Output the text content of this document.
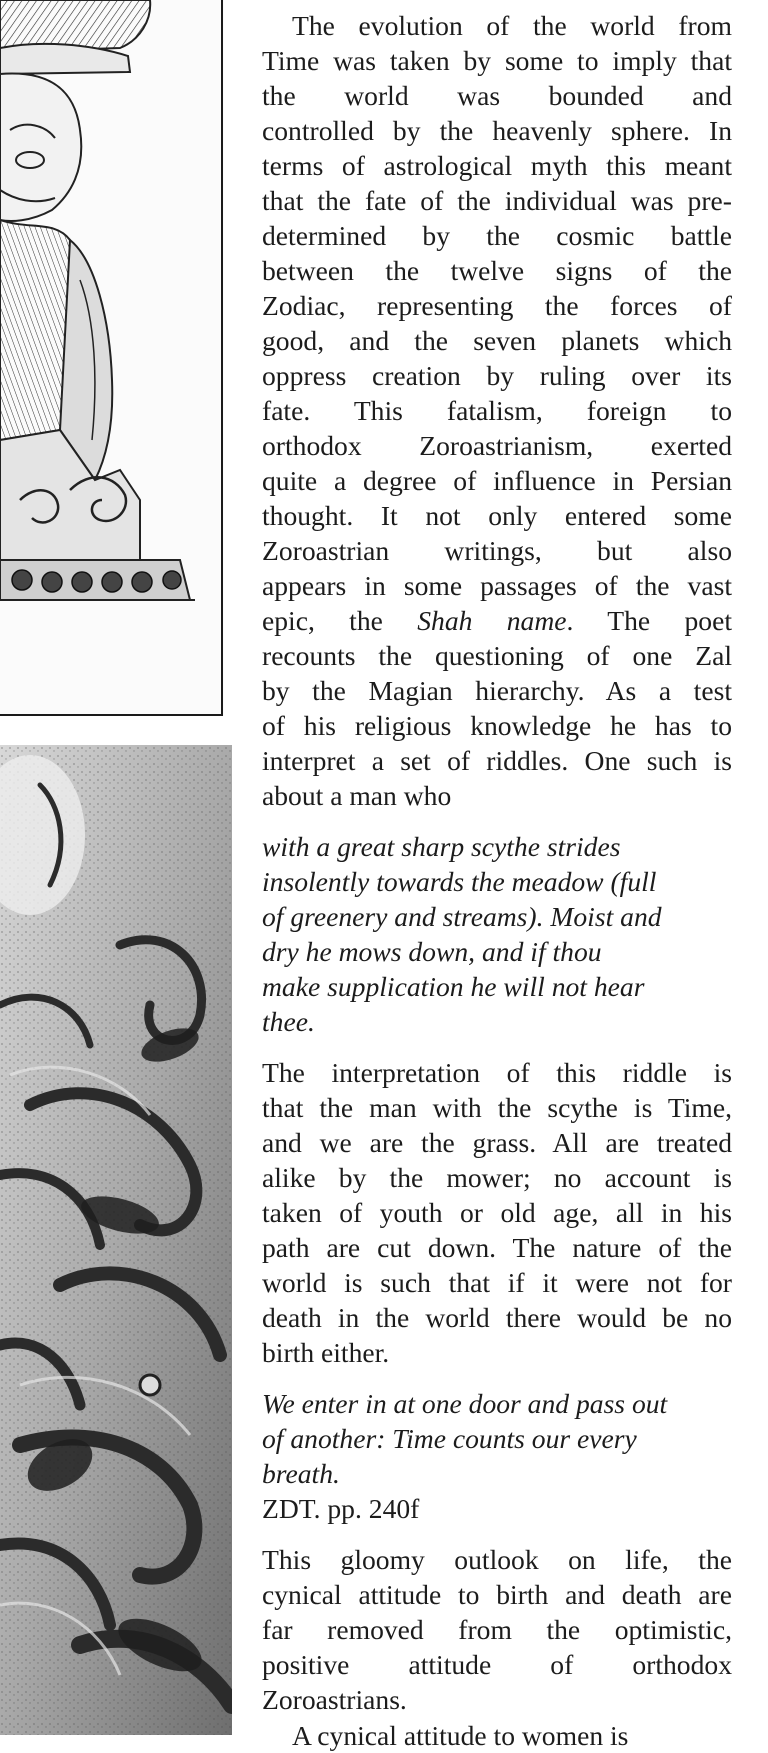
The evolution of the world from
Time was taken by some to imply that
the world was bounded and
controlled by the heavenly sphere. In
terms of astrological myth this meant
that the fate of the individual was pre-
determined by the cosmic battle
between the twelve signs of the
Zodiac, representing the forces of
good, and the seven planets which
oppress creation by ruling over its
fate. This fatalism, foreign to
orthodox Zoroastrianism, exerted
quite a degree of influence in Persian
thought. It not only entered some
Zoroastrian writings, but also
appears in some passages of the vast
epic, the Shah name. The poet
recounts the questioning of one Zal
by the Magian hierarchy. As a test
of his religious knowledge he has to
interpret a set of riddles. One such is
about a man who
with a great sharp scythe strides
insolently towards the meadow (full
of greenery and streams). Moist and
dry he mows down, and if thou
make supplication he will not hear
thee.
The interpretation of this riddle is
that the man with the scythe is Time,
and we are the grass. All are treated
alike by the mower; no account is
taken of youth or old age, all in his
path are cut down. The nature of the
world is such that if it were not for
death in the world there would be no
birth either.
We enter in at one door and pass out
of another: Time counts our every
breath.
ZDT. pp. 240f
This gloomy outlook on life, the
cynical attitude to birth and death are
far removed from the optimistic,
positive attitude of orthodox
Zoroastrians.
A cynical attitude to women is
